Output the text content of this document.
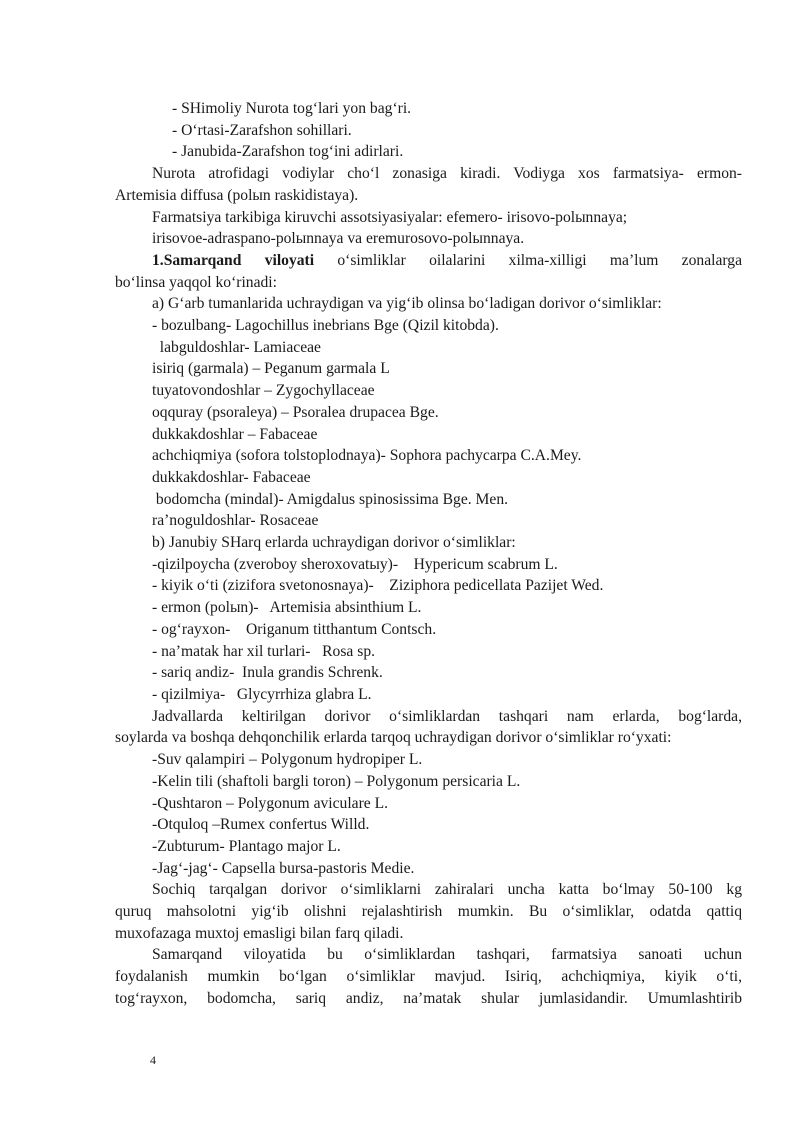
- SHimoliy Nurota tog‘lari yon bag‘ri.
- O‘rtasi-Zarafshon sohillari.
- Janubida-Zarafshon tog‘ini adirlari.
Nurota atrofidagi vodiylar cho‘l zonasiga kiradi. Vodiyga xos farmatsiya- ermon-
Artemisia diffusa (polыn raskidistaya).
Farmatsiya tarkibiga kiruvchi assotsiyasiyalar: efemero- irisovo-polыnnaya;
irisovoe-adraspano-polыnnaya va eremurosovo-polыnnaya.
1.Samarqand viloyati o‘simliklar oilalarini xilma-xilligi ma’lum zonalarga
bo‘linsa yaqqol ko‘rinadi:
a) G‘arb tumanlarida uchraydigan va yig‘ib olinsa bo‘ladigan dorivor o‘simliklar:
- bozulbang- Lagochillus inebrians Bge (Qizil kitobda).
labguldoshlar- Lamiaceae
isiriq (garmala) – Peganum garmala L
tuyatovondoshlar – Zygochyllaceae
oqquray (psoraleya) – Psoralea drupacea Bge.
dukkakdoshlar – Fabaceae
achchiqmiya (sofora tolstoplodnaya)- Sophora pachycarpa C.A.Mey.
dukkakdoshlar- Fabaceae
bodomcha (mindal)- Amigdalus spinosissima Bge. Men.
ra’noguldoshlar- Rosaceae
b) Janubiy SHarq erlarda uchraydigan dorivor o‘simliklar:
-qizilpoycha (zveroboy sheroxovatыy)-    Hypericum scabrum L.
- kiyik o‘ti (zizifora svetonosnaya)-    Ziziphora pedicellata Pazijet Wed.
- ermon (polыn)-   Artemisia absinthium L.
- og‘rayxon-    Origanum titthantum Contsch.
- na’matak har xil turlari-   Rosa sp.
- sariq andiz-  Inula grandis Schrenk.
- qizilmiya-   Glycyrrhiza glabra L.
Jadvallarda keltirilgan dorivor o‘simliklardan tashqari nam erlarda, bog‘larda,
soylarda va boshqa dehqonchilik erlarda tarqoq uchraydigan dorivor o‘simliklar ro‘yxati:
-Suv qalampiri – Polygonum hydropiper L.
-Kelin tili (shaftoli bargli toron) – Polygonum persicaria L.
-Qushtaron – Polygonum aviculare L.
-Otquloq –Rumex confertus Willd.
-Zubturum- Plantago major L.
-Jag‘-jag‘- Capsella bursa-pastoris Medie.
Sochiq tarqalgan dorivor o‘simliklarni zahiralari uncha katta bo‘lmay 50-100 kg
quruq mahsolotni yig‘ib olishni rejalashtirish mumkin. Bu o‘simliklar, odatda qattiq
muxofazaga muxtoj emasligi bilan farq qiladi.
Samarqand viloyatida bu o‘simliklardan tashqari, farmatsiya sanoati uchun
foydalanish mumkin bo‘lgan o‘simliklar mavjud. Isiriq, achchiqmiya, kiyik o‘ti,
tog‘rayxon, bodomcha, sariq andiz, na’matak shular jumlasidandir. Umumlashtirib
4
